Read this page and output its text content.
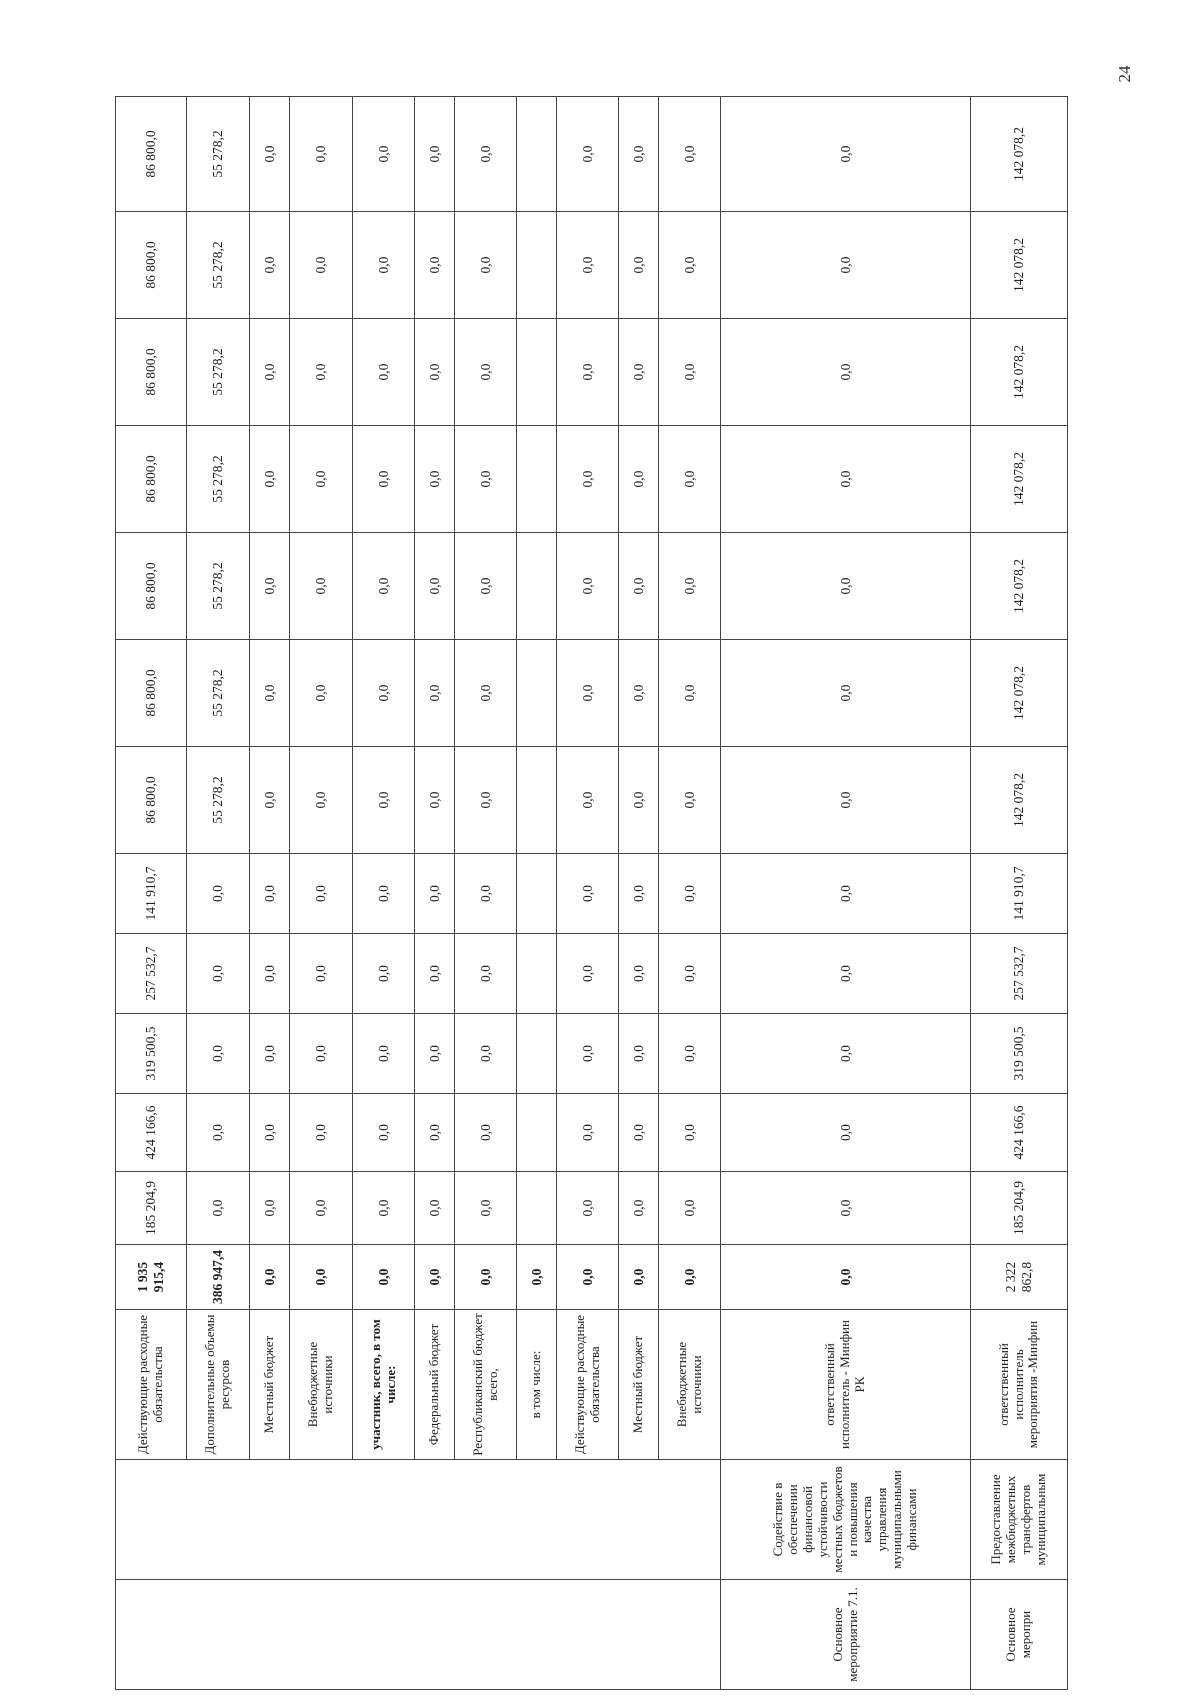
24
		Действующие расходные обязательства	1 935 915,4	185 204,9	424 166,6	319 500,5	257 532,7	141 910,7	86 800,0	86 800,0	86 800,0	86 800,0	86 800,0	86 800,0	86 800,0
		Дополнительные объемы ресурсов	386 947,4	0,0	0,0	0,0	0,0	0,0	55 278,2	55 278,2	55 278,2	55 278,2	55 278,2	55 278,2	55 278,2
		Местный бюджет	0,0	0,0	0,0	0,0	0,0	0,0	0,0	0,0	0,0	0,0	0,0	0,0	0,0
		Внебюджетные источники	0,0	0,0	0,0	0,0	0,0	0,0	0,0	0,0	0,0	0,0	0,0	0,0	0,0
		участник, всего, в том числе:	0,0	0,0	0,0	0,0	0,0	0,0	0,0	0,0	0,0	0,0	0,0	0,0	0,0
		Федеральный бюджет	0,0	0,0	0,0	0,0	0,0	0,0	0,0	0,0	0,0	0,0	0,0	0,0	0,0
		Республиканский бюджет всего,	0,0	0,0	0,0	0,0	0,0	0,0	0,0	0,0	0,0	0,0	0,0	0,0	0,0
		в том числе:	0,0												
		Действующие расходные обязательства	0,0	0,0	0,0	0,0	0,0	0,0	0,0	0,0	0,0	0,0	0,0	0,0	0,0
		Местный бюджет	0,0	0,0	0,0	0,0	0,0	0,0	0,0	0,0	0,0	0,0	0,0	0,0	0,0
		Внебюджетные источники	0,0	0,0	0,0	0,0	0,0	0,0	0,0	0,0	0,0	0,0	0,0	0,0	0,0
Основное мероприятие 7.1.	Содействие в обеспечении финансовой устойчивости местных бюджетов и повышения качества управления муниципальными финансами	ответственный исполнитель - Минфин РК	0,0	0,0	0,0	0,0	0,0	0,0	0,0	0,0	0,0	0,0	0,0	0,0	0,0
Основное меропри	Предоставление межбюджетных трансфертов муниципальным	ответственный исполнитель мероприятия -Минфин	2 322 862,8	185 204,9	424 166,6	319 500,5	257 532,7	141 910,7	142 078,2	142 078,2	142 078,2	142 078,2	142 078,2	142 078,2	142 078,2
